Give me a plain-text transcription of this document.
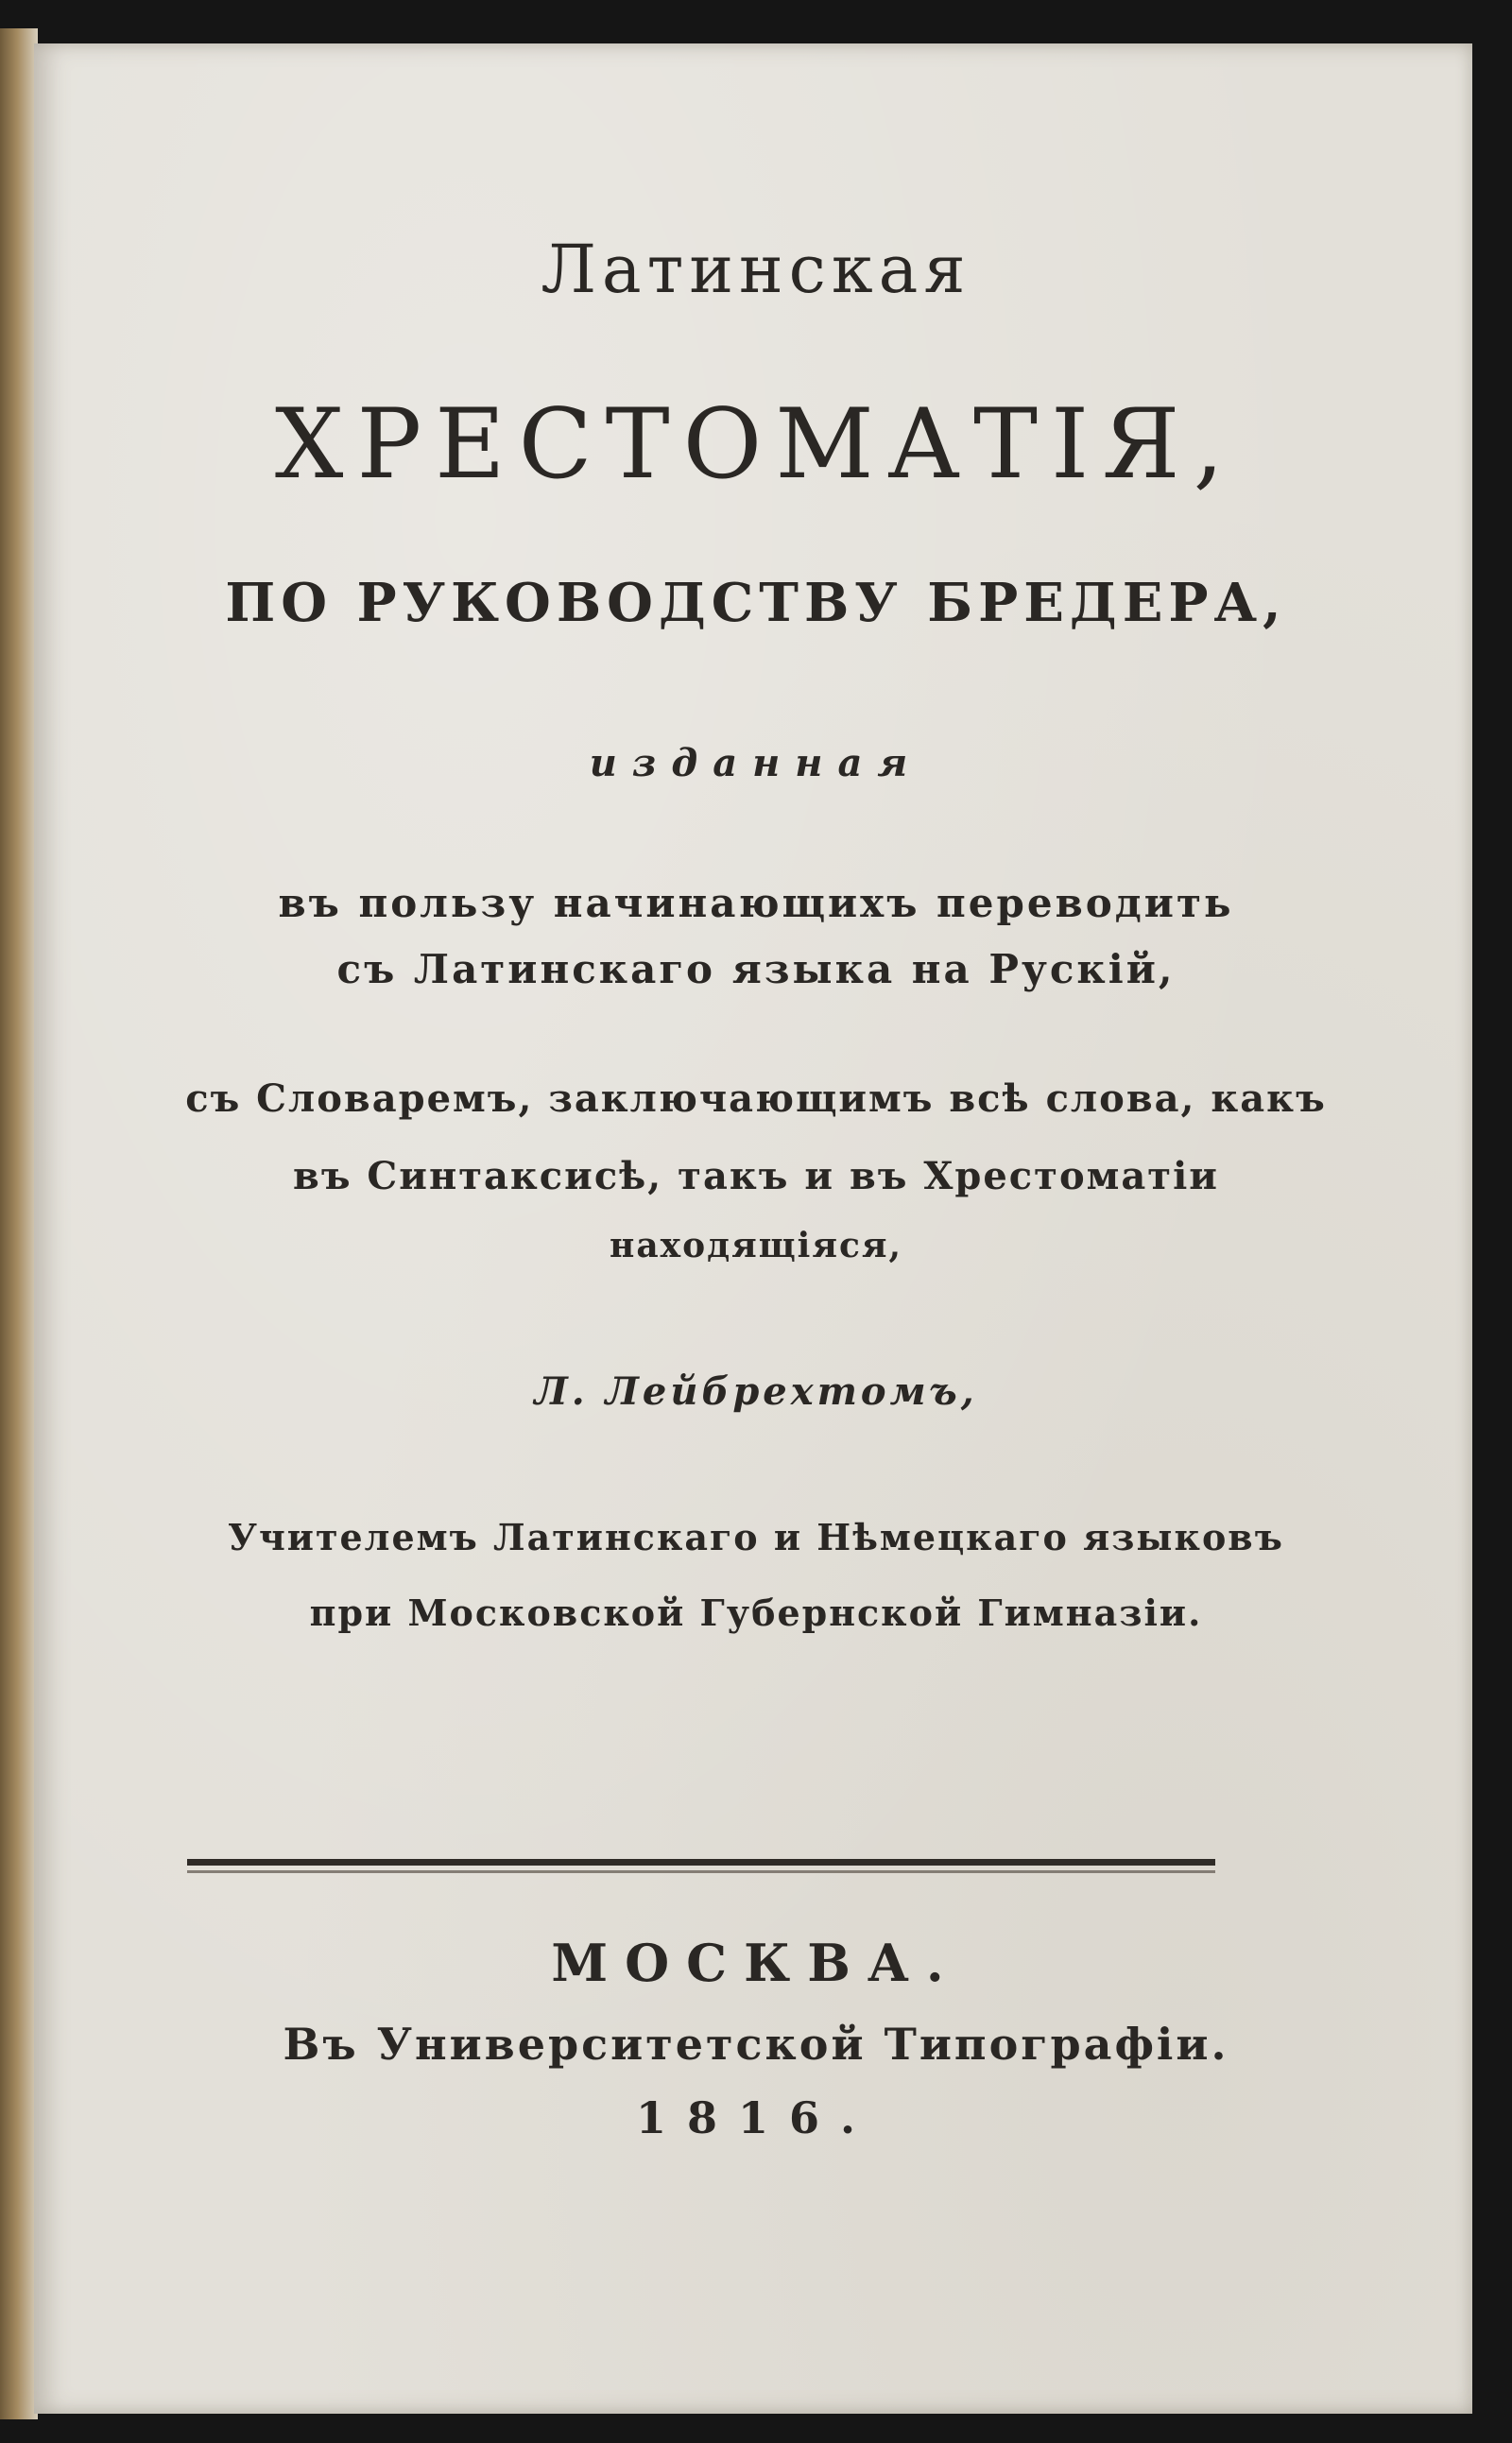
Латинская
ХРЕСТОМАТІЯ,
ПО РУКОВОДСТВУ БРЕДЕРА,
изданная
въ пользу начинающихъ переводить
съ Латинскаго языка на Рускій,
съ Словаремъ, заключающимъ всѣ слова, какъ
въ Синтаксисѣ, такъ и въ Хрестоматіи
находящіяся,
Л. Лейбрехтомъ,
Учителемъ Латинскаго и Нѣмецкаго языковъ
при Московской Губернской Гимназіи.
МОСКВА.
Въ Университетской Типографіи.
1816.
